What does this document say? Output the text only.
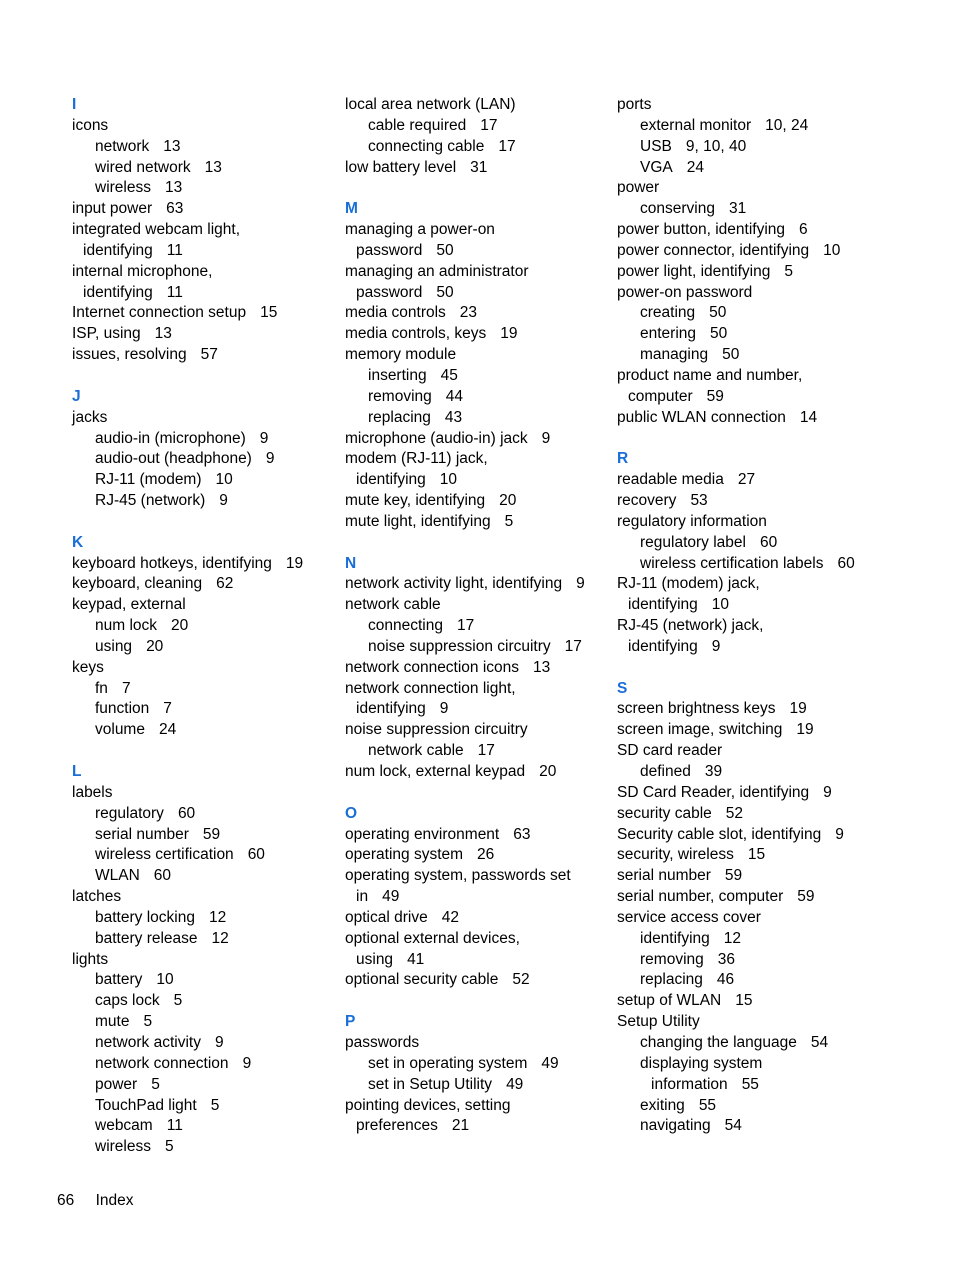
I
icons
network 13
wired network 13
wireless 13
input power 63
integrated webcam light,
identifying 11
internal microphone,
identifying 11
Internet connection setup 15
ISP, using 13
issues, resolving 57
J
jacks
audio-in (microphone) 9
audio-out (headphone) 9
RJ-11 (modem) 10
RJ-45 (network) 9
K
keyboard hotkeys, identifying 19
keyboard, cleaning 62
keypad, external
num lock 20
using 20
keys
fn 7
function 7
volume 24
L
labels
regulatory 60
serial number 59
wireless certification 60
WLAN 60
latches
battery locking 12
battery release 12
lights
battery 10
caps lock 5
mute 5
network activity 9
network connection 9
power 5
TouchPad light 5
webcam 11
wireless 5
local area network (LAN)
cable required 17
connecting cable 17
low battery level 31
M
managing a power-on
password 50
managing an administrator
password 50
media controls 23
media controls, keys 19
memory module
inserting 45
removing 44
replacing 43
microphone (audio-in) jack 9
modem (RJ-11) jack,
identifying 10
mute key, identifying 20
mute light, identifying 5
N
network activity light, identifying 9
network cable
connecting 17
noise suppression circuitry 17
network connection icons 13
network connection light,
identifying 9
noise suppression circuitry
network cable 17
num lock, external keypad 20
O
operating environment 63
operating system 26
operating system, passwords set
in 49
optical drive 42
optional external devices,
using 41
optional security cable 52
P
passwords
set in operating system 49
set in Setup Utility 49
pointing devices, setting
preferences 21
ports
external monitor 10, 24
USB 9, 10, 40
VGA 24
power
conserving 31
power button, identifying 6
power connector, identifying 10
power light, identifying 5
power-on password
creating 50
entering 50
managing 50
product name and number,
computer 59
public WLAN connection 14
R
readable media 27
recovery 53
regulatory information
regulatory label 60
wireless certification labels 60
RJ-11 (modem) jack,
identifying 10
RJ-45 (network) jack,
identifying 9
S
screen brightness keys 19
screen image, switching 19
SD card reader
defined 39
SD Card Reader, identifying 9
security cable 52
Security cable slot, identifying 9
security, wireless 15
serial number 59
serial number, computer 59
service access cover
identifying 12
removing 36
replacing 46
setup of WLAN 15
Setup Utility
changing the language 54
displaying system
information 55
exiting 55
navigating 54
66 Index
